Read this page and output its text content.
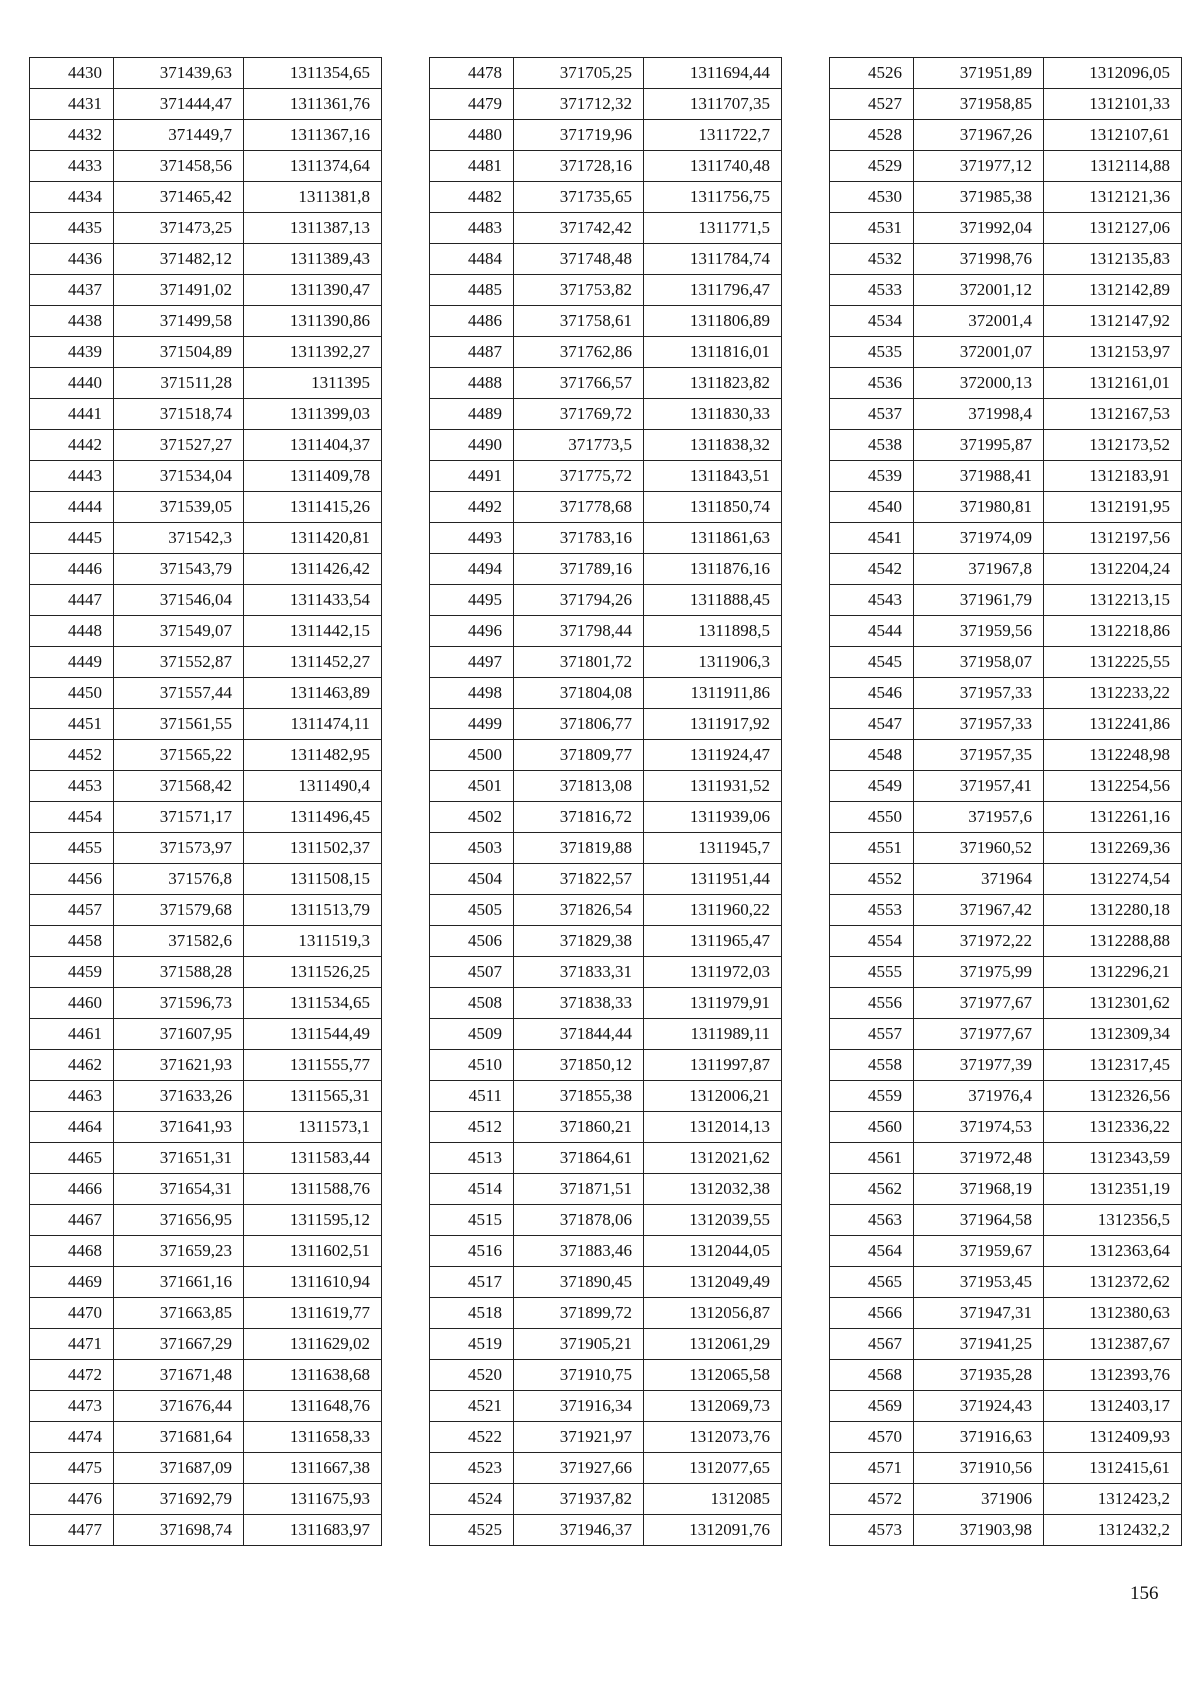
4430	371439,63	1311354,65
4431	371444,47	1311361,76
4432	371449,7	1311367,16
4433	371458,56	1311374,64
4434	371465,42	1311381,8
4435	371473,25	1311387,13
4436	371482,12	1311389,43
4437	371491,02	1311390,47
4438	371499,58	1311390,86
4439	371504,89	1311392,27
4440	371511,28	1311395
4441	371518,74	1311399,03
4442	371527,27	1311404,37
4443	371534,04	1311409,78
4444	371539,05	1311415,26
4445	371542,3	1311420,81
4446	371543,79	1311426,42
4447	371546,04	1311433,54
4448	371549,07	1311442,15
4449	371552,87	1311452,27
4450	371557,44	1311463,89
4451	371561,55	1311474,11
4452	371565,22	1311482,95
4453	371568,42	1311490,4
4454	371571,17	1311496,45
4455	371573,97	1311502,37
4456	371576,8	1311508,15
4457	371579,68	1311513,79
4458	371582,6	1311519,3
4459	371588,28	1311526,25
4460	371596,73	1311534,65
4461	371607,95	1311544,49
4462	371621,93	1311555,77
4463	371633,26	1311565,31
4464	371641,93	1311573,1
4465	371651,31	1311583,44
4466	371654,31	1311588,76
4467	371656,95	1311595,12
4468	371659,23	1311602,51
4469	371661,16	1311610,94
4470	371663,85	1311619,77
4471	371667,29	1311629,02
4472	371671,48	1311638,68
4473	371676,44	1311648,76
4474	371681,64	1311658,33
4475	371687,09	1311667,38
4476	371692,79	1311675,93
4477	371698,74	1311683,97
4478	371705,25	1311694,44
4479	371712,32	1311707,35
4480	371719,96	1311722,7
4481	371728,16	1311740,48
4482	371735,65	1311756,75
4483	371742,42	1311771,5
4484	371748,48	1311784,74
4485	371753,82	1311796,47
4486	371758,61	1311806,89
4487	371762,86	1311816,01
4488	371766,57	1311823,82
4489	371769,72	1311830,33
4490	371773,5	1311838,32
4491	371775,72	1311843,51
4492	371778,68	1311850,74
4493	371783,16	1311861,63
4494	371789,16	1311876,16
4495	371794,26	1311888,45
4496	371798,44	1311898,5
4497	371801,72	1311906,3
4498	371804,08	1311911,86
4499	371806,77	1311917,92
4500	371809,77	1311924,47
4501	371813,08	1311931,52
4502	371816,72	1311939,06
4503	371819,88	1311945,7
4504	371822,57	1311951,44
4505	371826,54	1311960,22
4506	371829,38	1311965,47
4507	371833,31	1311972,03
4508	371838,33	1311979,91
4509	371844,44	1311989,11
4510	371850,12	1311997,87
4511	371855,38	1312006,21
4512	371860,21	1312014,13
4513	371864,61	1312021,62
4514	371871,51	1312032,38
4515	371878,06	1312039,55
4516	371883,46	1312044,05
4517	371890,45	1312049,49
4518	371899,72	1312056,87
4519	371905,21	1312061,29
4520	371910,75	1312065,58
4521	371916,34	1312069,73
4522	371921,97	1312073,76
4523	371927,66	1312077,65
4524	371937,82	1312085
4525	371946,37	1312091,76
4526	371951,89	1312096,05
4527	371958,85	1312101,33
4528	371967,26	1312107,61
4529	371977,12	1312114,88
4530	371985,38	1312121,36
4531	371992,04	1312127,06
4532	371998,76	1312135,83
4533	372001,12	1312142,89
4534	372001,4	1312147,92
4535	372001,07	1312153,97
4536	372000,13	1312161,01
4537	371998,4	1312167,53
4538	371995,87	1312173,52
4539	371988,41	1312183,91
4540	371980,81	1312191,95
4541	371974,09	1312197,56
4542	371967,8	1312204,24
4543	371961,79	1312213,15
4544	371959,56	1312218,86
4545	371958,07	1312225,55
4546	371957,33	1312233,22
4547	371957,33	1312241,86
4548	371957,35	1312248,98
4549	371957,41	1312254,56
4550	371957,6	1312261,16
4551	371960,52	1312269,36
4552	371964	1312274,54
4553	371967,42	1312280,18
4554	371972,22	1312288,88
4555	371975,99	1312296,21
4556	371977,67	1312301,62
4557	371977,67	1312309,34
4558	371977,39	1312317,45
4559	371976,4	1312326,56
4560	371974,53	1312336,22
4561	371972,48	1312343,59
4562	371968,19	1312351,19
4563	371964,58	1312356,5
4564	371959,67	1312363,64
4565	371953,45	1312372,62
4566	371947,31	1312380,63
4567	371941,25	1312387,67
4568	371935,28	1312393,76
4569	371924,43	1312403,17
4570	371916,63	1312409,93
4571	371910,56	1312415,61
4572	371906	1312423,2
4573	371903,98	1312432,2
156
